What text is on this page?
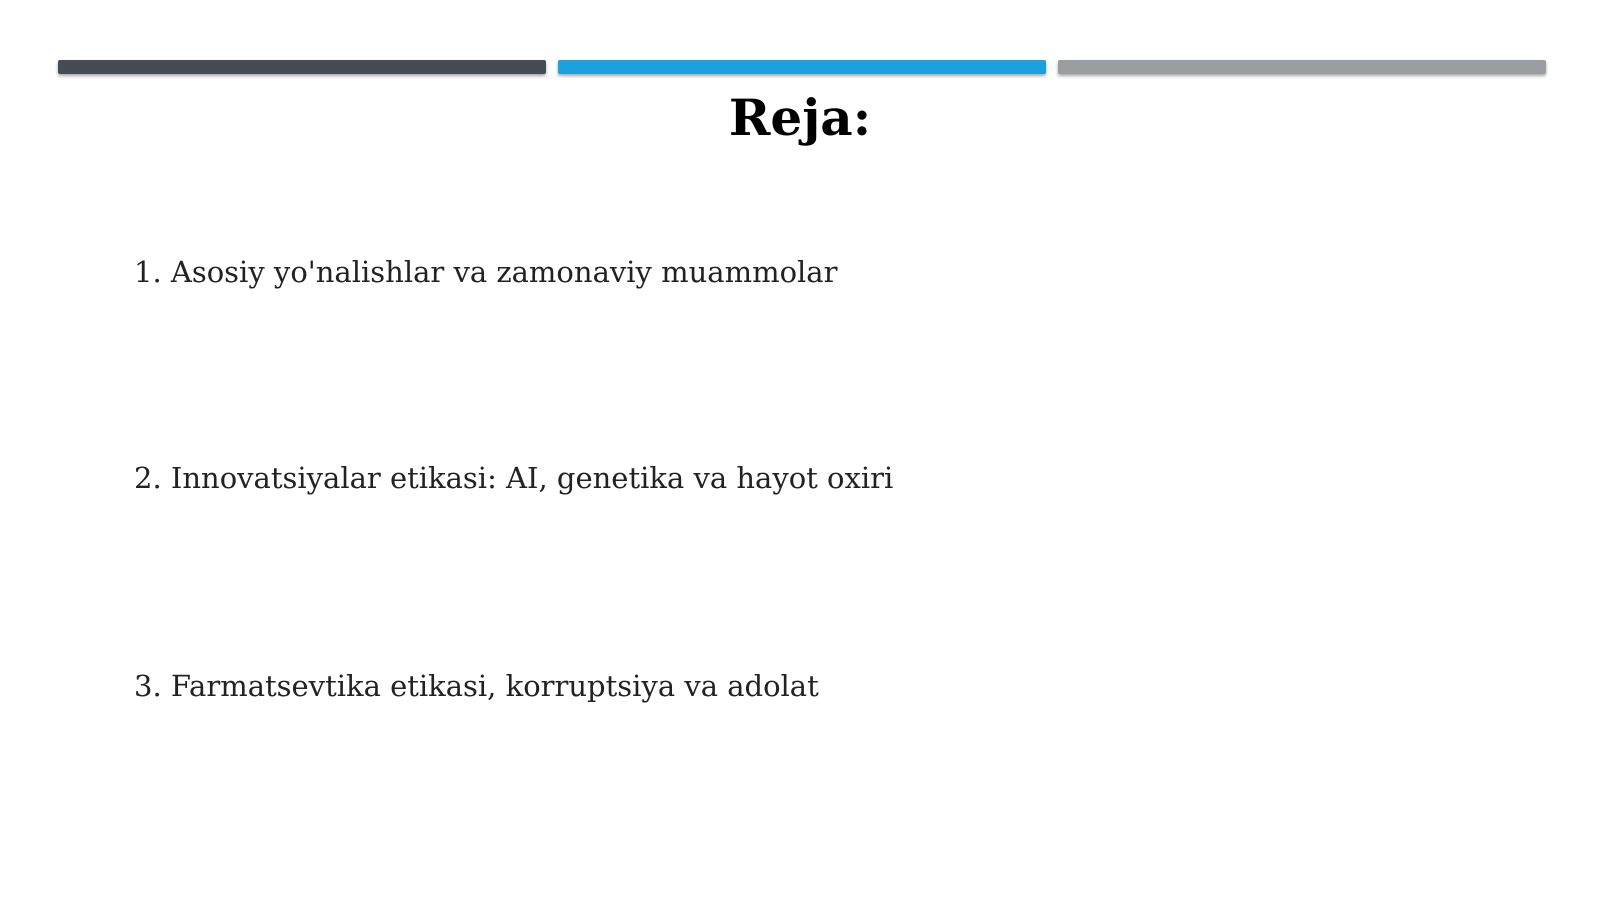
Reja:
1. Asosiy yo'nalishlar va zamonaviy muammolar
2. Innovatsiyalar etikasi: AI, genetika va hayot oxiri
3. Farmatsevtika etikasi, korruptsiya va adolat
